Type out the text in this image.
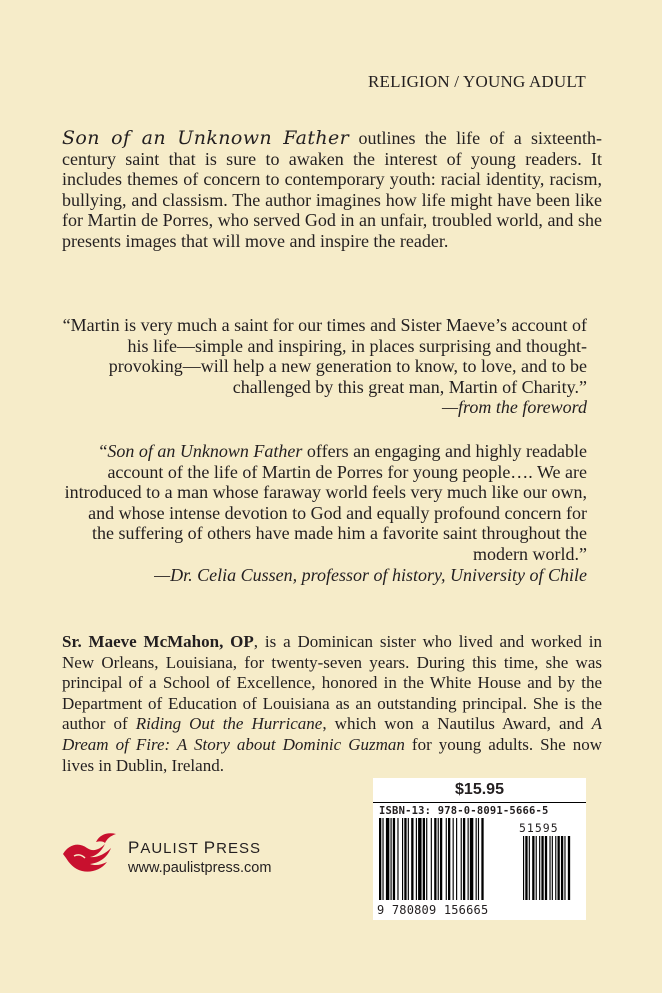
RELIGION / YOUNG ADULT
Son of an Unknown Father outlines the life of a sixteenth-century saint that is sure to awaken the interest of young readers. It includes themes of concern to contemporary youth: racial identity, racism, bullying, and classism. The author imagines how life might have been like for Martin de Porres, who served God in an unfair, troubled world, and she presents images that will move and inspire the reader.
“Martin is very much a saint for our times and Sister Maeve’s account of his life—simple and inspiring, in places surprising and thought-provoking—will help a new generation to know, to love, and to be challenged by this great man, Martin of Charity.”
—from the foreword
“Son of an Unknown Father offers an engaging and highly readable account of the life of Martin de Porres for young people…. We are introduced to a man whose faraway world feels very much like our own, and whose intense devotion to God and equally profound concern for the suffering of others have made him a favorite saint throughout the modern world.”
—Dr. Celia Cussen, professor of history, University of Chile
Sr. Maeve McMahon, OP, is a Dominican sister who lived and worked in New Orleans, Louisiana, for twenty-seven years. During this time, she was principal of a School of Excellence, honored in the White House and by the Department of Education of Louisiana as an outstanding principal. She is the author of Riding Out the Hurricane, which won a Nautilus Award, and A Dream of Fire: A Story about Dominic Guzman for young adults. She now lives in Dublin, Ireland.
PAULIST PRESS
www.paulistpress.com
$15.95
ISBN-13: 978-0-8091-5666-5
51595
9 780809 156665
